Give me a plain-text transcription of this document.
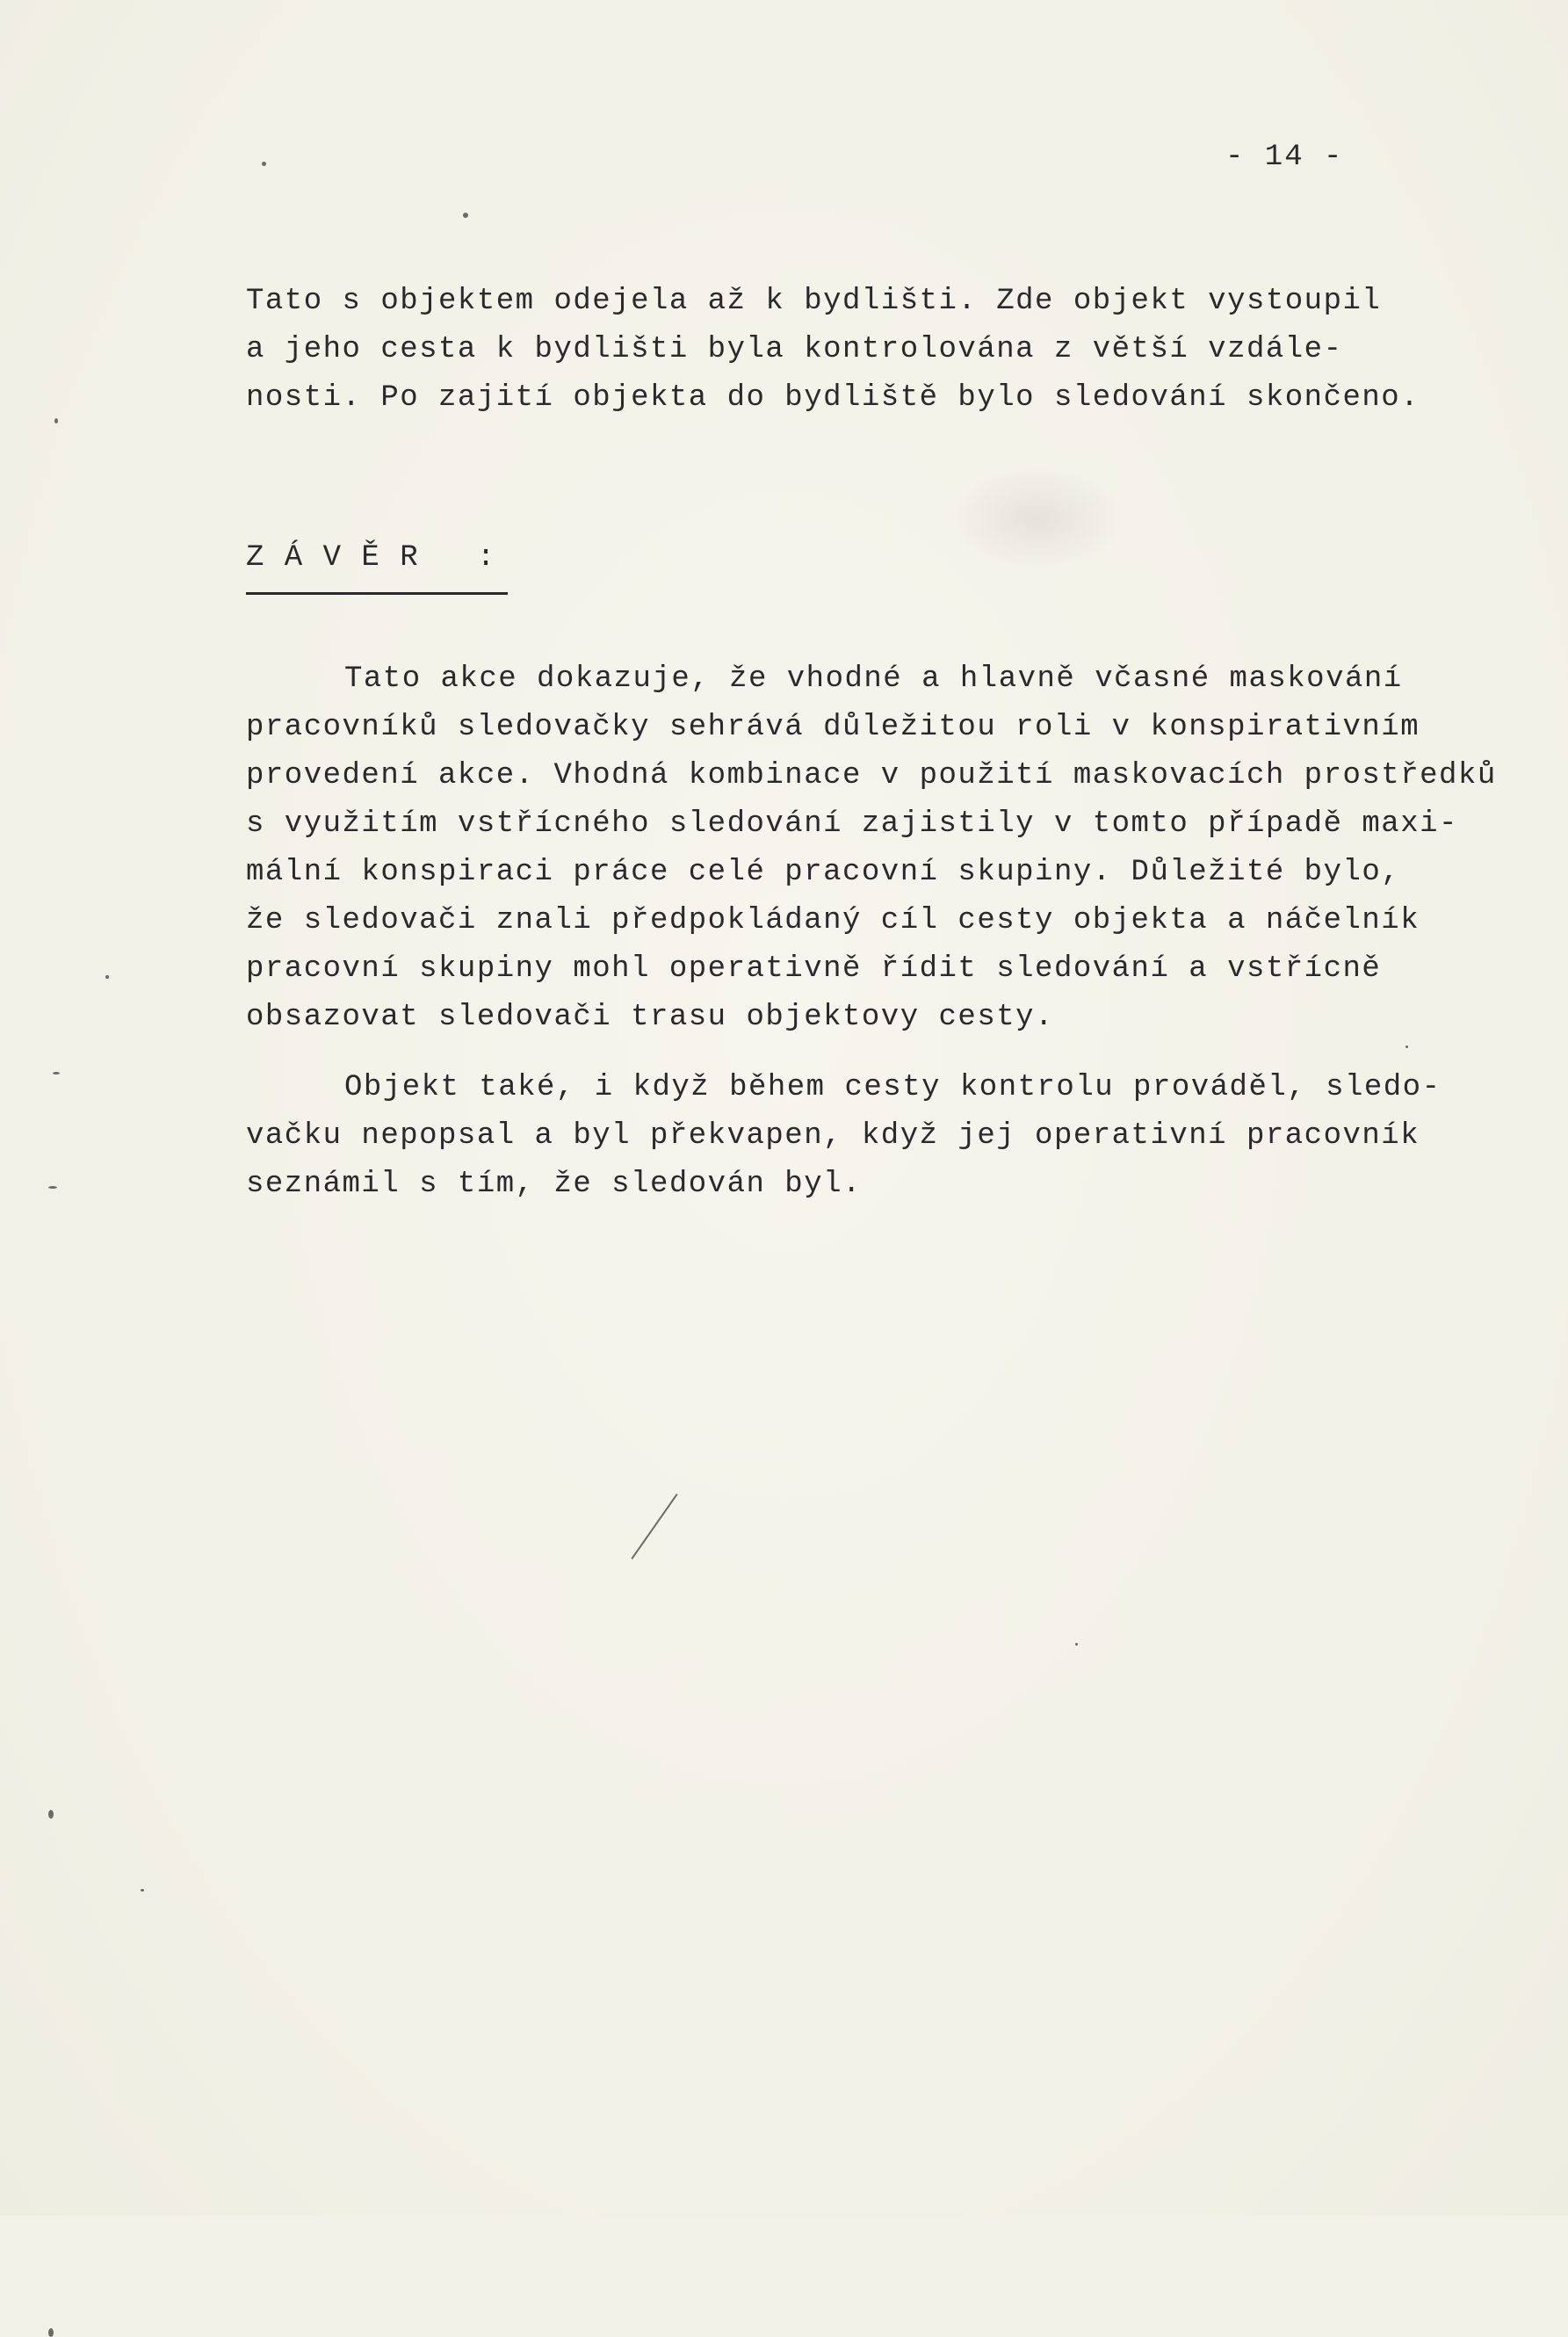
- 14 -
Tato s objektem odejela až k bydlišti. Zde objekt vystoupil
a jeho cesta k bydlišti byla kontrolována z větší vzdále-
nosti. Po zajití objekta do bydliště bylo sledování skončeno.
Z Á V Ě R   :
Tato akce dokazuje, že vhodné a hlavně včasné maskování
pracovníků sledovačky sehrává důležitou roli v konspirativním
provedení akce. Vhodná kombinace v použití maskovacích prostředků
s využitím vstřícného sledování zajistily v tomto případě maxi-
mální konspiraci práce celé pracovní skupiny. Důležité bylo,
že sledovači znali předpokládaný cíl cesty objekta a náčelník
pracovní skupiny mohl operativně řídit sledování a vstřícně
obsazovat sledovači trasu objektovy cesty.
Objekt také, i když během cesty kontrolu prováděl, sledo-
vačku nepopsal a byl překvapen, když jej operativní pracovník
seznámil s tím, že sledován byl.
